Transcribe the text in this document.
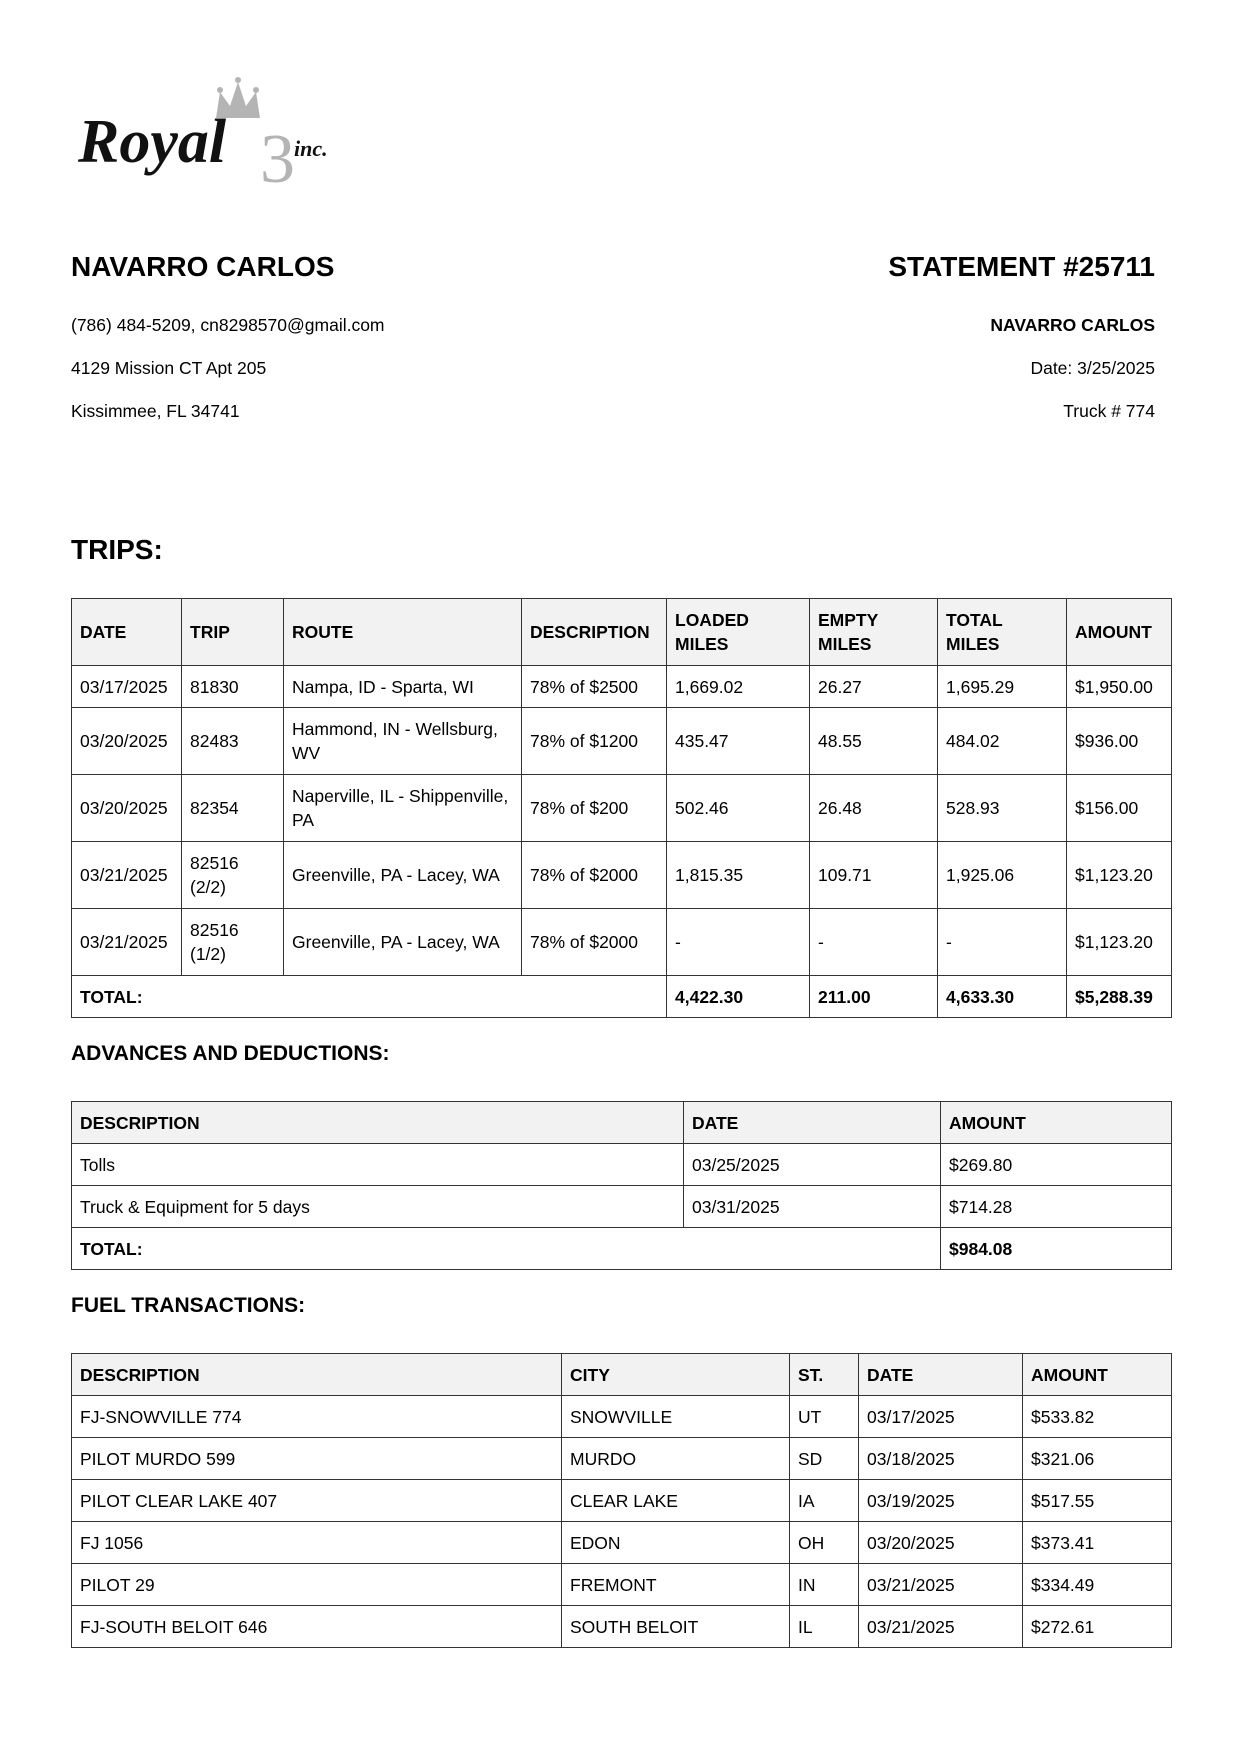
3
Royal	inc.

NAVARRO CARLOS

(786) 484-5209, cn8298570@gmail.com

4129 Mission CT Apt 205

Kissimmee, FL 34741

STATEMENT #25711

NAVARRO CARLOS

Date: 3/25/2025

Truck # 774

TRIPS:
DATE	TRIP	ROUTE	DESCRIPTION	LOADED MILES	EMPTY MILES	TOTAL MILES	AMOUNT
03/17/2025	81830	Nampa, ID - Sparta, WI	78% of $2500	1,669.02	26.27	1,695.29	$1,950.00
03/20/2025	82483	Hammond, IN - Wellsburg, WV	78% of $1200	435.47	48.55	484.02	$936.00
03/20/2025	82354	Naperville, IL - Shippenville, PA	78% of $200	502.46	26.48	528.93	$156.00
03/21/2025	82516 (2/2)	Greenville, PA - Lacey, WA	78% of $2000	1,815.35	109.71	1,925.06	$1,123.20
03/21/2025	82516 (1/2)	Greenville, PA - Lacey, WA	78% of $2000	-	-	-	$1,123.20
TOTAL:				4,422.30	211.00	4,633.30	$5,288.39
ADVANCES AND DEDUCTIONS:
DESCRIPTION	DATE	AMOUNT
Tolls	03/25/2025	$269.80
Truck & Equipment for 5 days	03/31/2025	$714.28
TOTAL:		$984.08
FUEL TRANSACTIONS:
DESCRIPTION	CITY	ST.	DATE	AMOUNT
FJ-SNOWVILLE 774	SNOWVILLE	UT	03/17/2025	$533.82
PILOT MURDO 599	MURDO	SD	03/18/2025	$321.06
PILOT CLEAR LAKE 407	CLEAR LAKE	IA	03/19/2025	$517.55
FJ 1056	EDON	OH	03/20/2025	$373.41
PILOT 29	FREMONT	IN	03/21/2025	$334.49
FJ-SOUTH BELOIT 646	SOUTH BELOIT	IL	03/21/2025	$272.61
